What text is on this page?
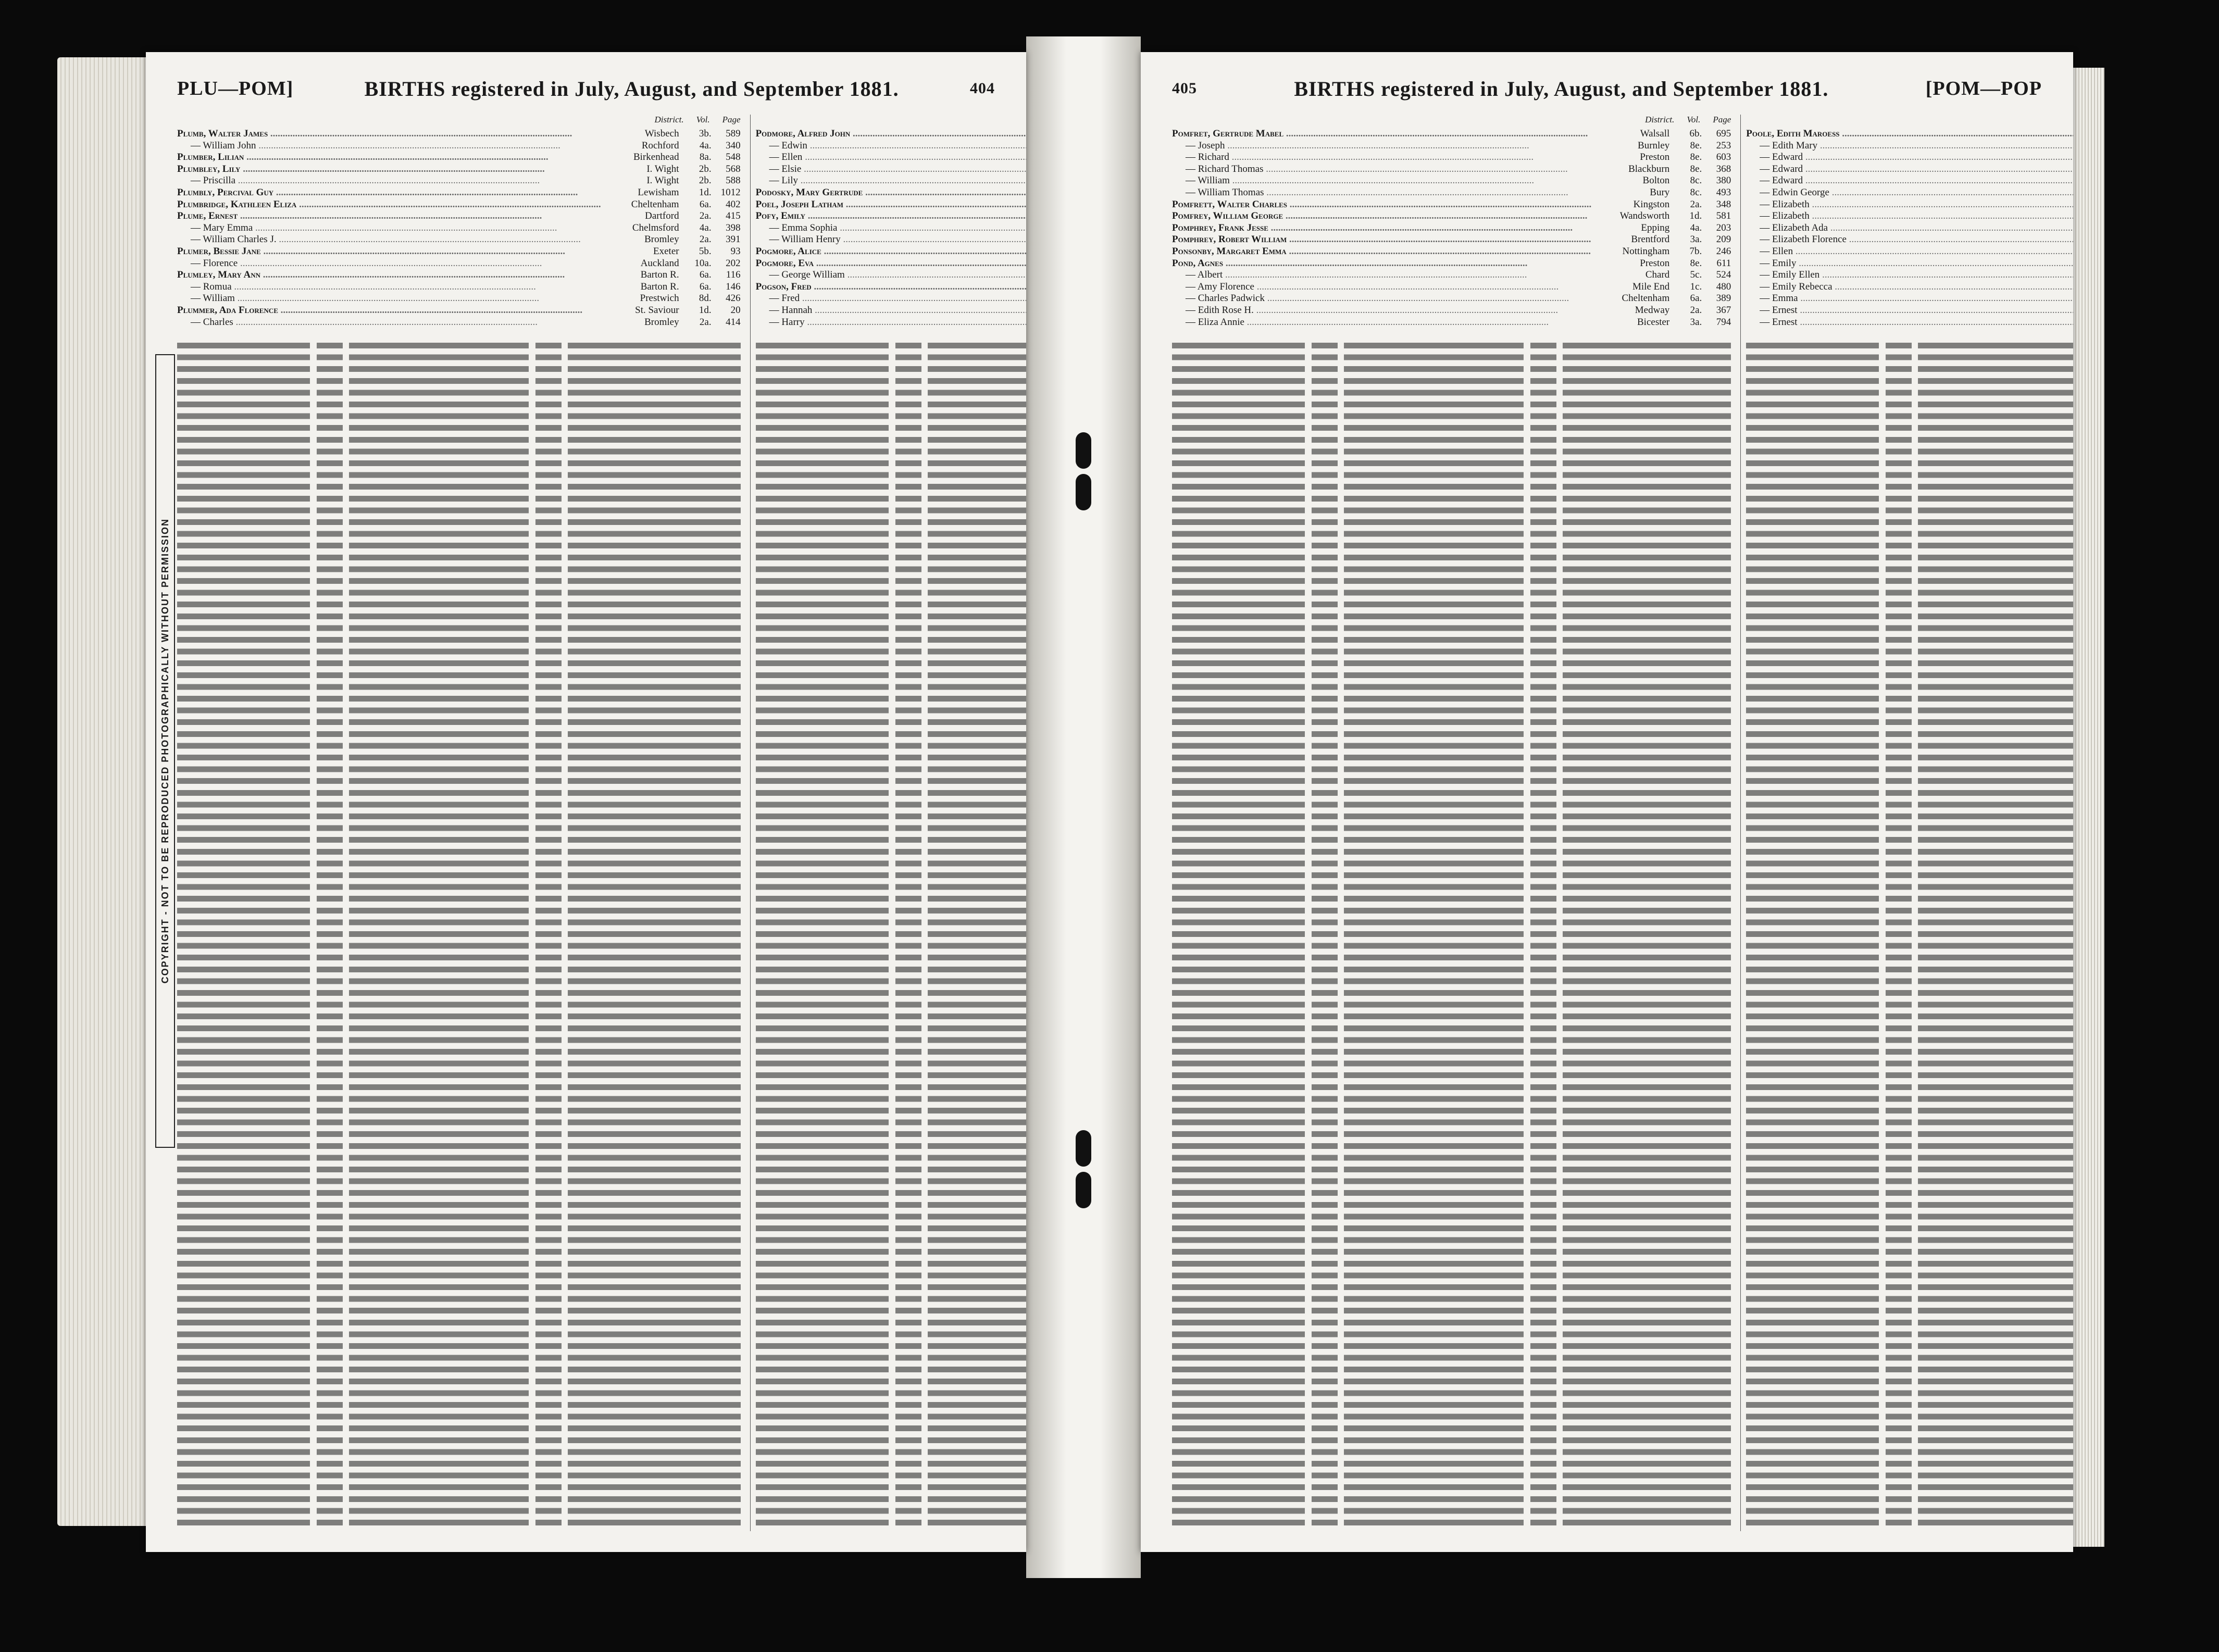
COPYRIGHT - NOT TO BE REPRODUCED PHOTOGRAPHICALLY WITHOUT PERMISSION
PLU—POM]	BIRTHS registered in July, August, and September 1881.	404
District. Vol. Page
Plumb, Walter James .....	Wisbech	3b.	589
— William John .....	Rochford	4a.	340
Plumber, Lilian .....	Birkenhead	8a.	548
Plumbley, Lily .....	I. Wight	2b.	568
— Priscilla .....	I. Wight	2b.	588
Plumbly, Percival Guy .....	Lewisham	1d. 1012
Plumbridge, Kathleen Eliza .....	Cheltenham	6a.	402
Plume, Ernest .....	Dartford	2a.	415
— Mary Emma .....	Chelmsford	4a.	398
— William Charles J. .....	Bromley	2a.	391
Plumer, Bessie Jane .....	Exeter	5b.	93
— Florence .....	Auckland	10a.	202
Plumley, Mary Ann .....	Barton R.	6a.	116
— Romua .....	Barton R.	6a.	146
— William .....	Prestwich	8d.	426
Plummer, Ada Florence .....	St. Saviour	1d.	20
— Charles .....	Bromley	2a.	414
Podmore, Alfred John .....
— Edwin .....
— Ellen .....
— Elsie .....
— Lily .....
Podosky, Mary Gertrude .....
Poel, Joseph Latham .....
Pofy, Emily .....
— Emma Sophia .....
— William Henry .....
Pogmore, Alice .....
Pogmore, Eva .....
— George William .....
Pogson, Fred .....
— Fred .....
— Hannah .....
— Harry .....
405	BIRTHS registered in July, August, and September 1881.	[POM—POP
District. Vol. Page
Pomfret, Gertrude Mabel .....	Walsall	6b.	695
— Joseph .....	Burnley	8e.	253
— Richard .....	Preston	8e.	603
— Richard Thomas .....	Blackburn	8e.	368
— William .....	Bolton	8c.	380
— William Thomas .....	Bury	8c.	493
Pomfrett, Walter Charles .....	Kingston	2a.	348
Pomfrey, William George .....	Wandsworth	1d.	581
Pomphrey, Frank Jesse .....	Epping	4a.	203
Pomphrey, Robert William .....	Brentford	3a.	209
Ponsonby, Margaret Emma .....	Nottingham	7b.	246
Pond, Agnes .....	Preston	8e.	611
— Albert .....	Chard	5c.	524
— Amy Florence .....	Mile End	1c.	480
— Charles Padwick .....	Cheltenham	6a.	389
— Edith Rose H. .....	Medway	2a.	367
— Eliza Annie .....	Bicester	3a.	794
Poole, Edith Maroess .....
— Edith Mary .....
— Edward .....
— Edward .....
— Edward .....
— Edwin George .....
— Elizabeth .....
— Elizabeth .....
— Elizabeth Ada .....
— Elizabeth Florence .....
— Ellen .....
— Emily .....
— Emily Ellen .....
— Emily Rebecca .....
— Emma .....
— Ernest .....
— Ernest .....
